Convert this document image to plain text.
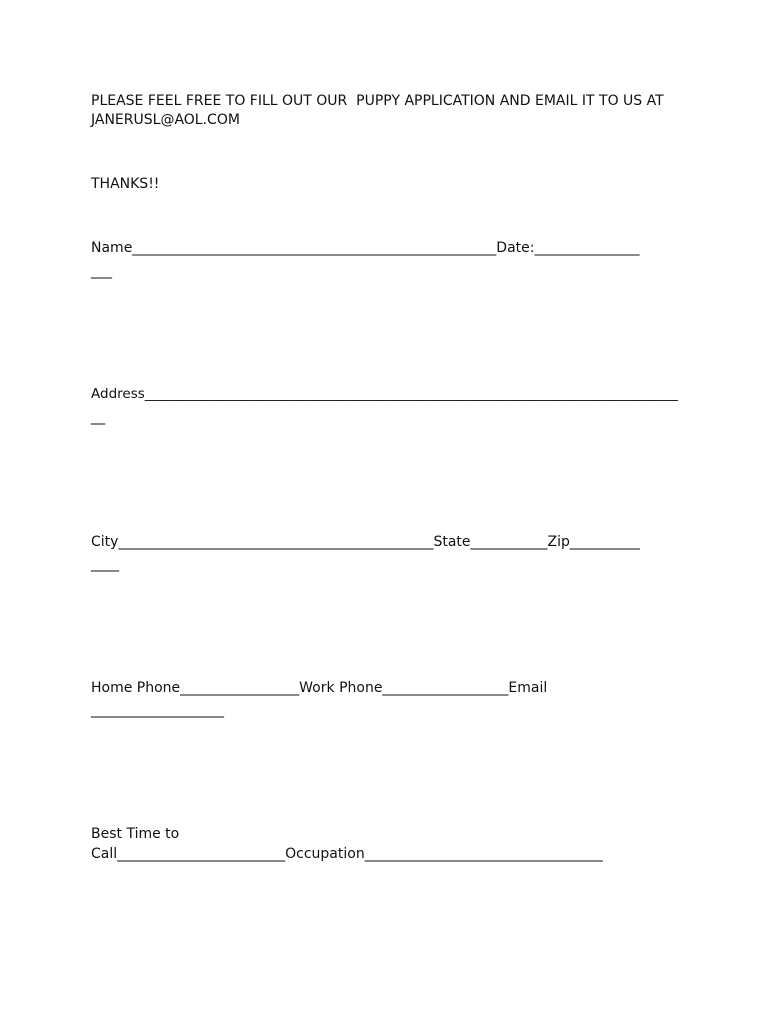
PLEASE FEEL FREE TO FILL OUT OUR  PUPPY APPLICATION AND EMAIL IT TO US AT
JANERUSL@AOL.COM
THANKS!!
Name____________________________________________________Date:_______________
___
Address_______________________________________________________________________________
__
City_____________________________________________State___________Zip__________
____
Home Phone_________________Work Phone__________________Email
___________________
Best Time to
Call________________________Occupation__________________________________
